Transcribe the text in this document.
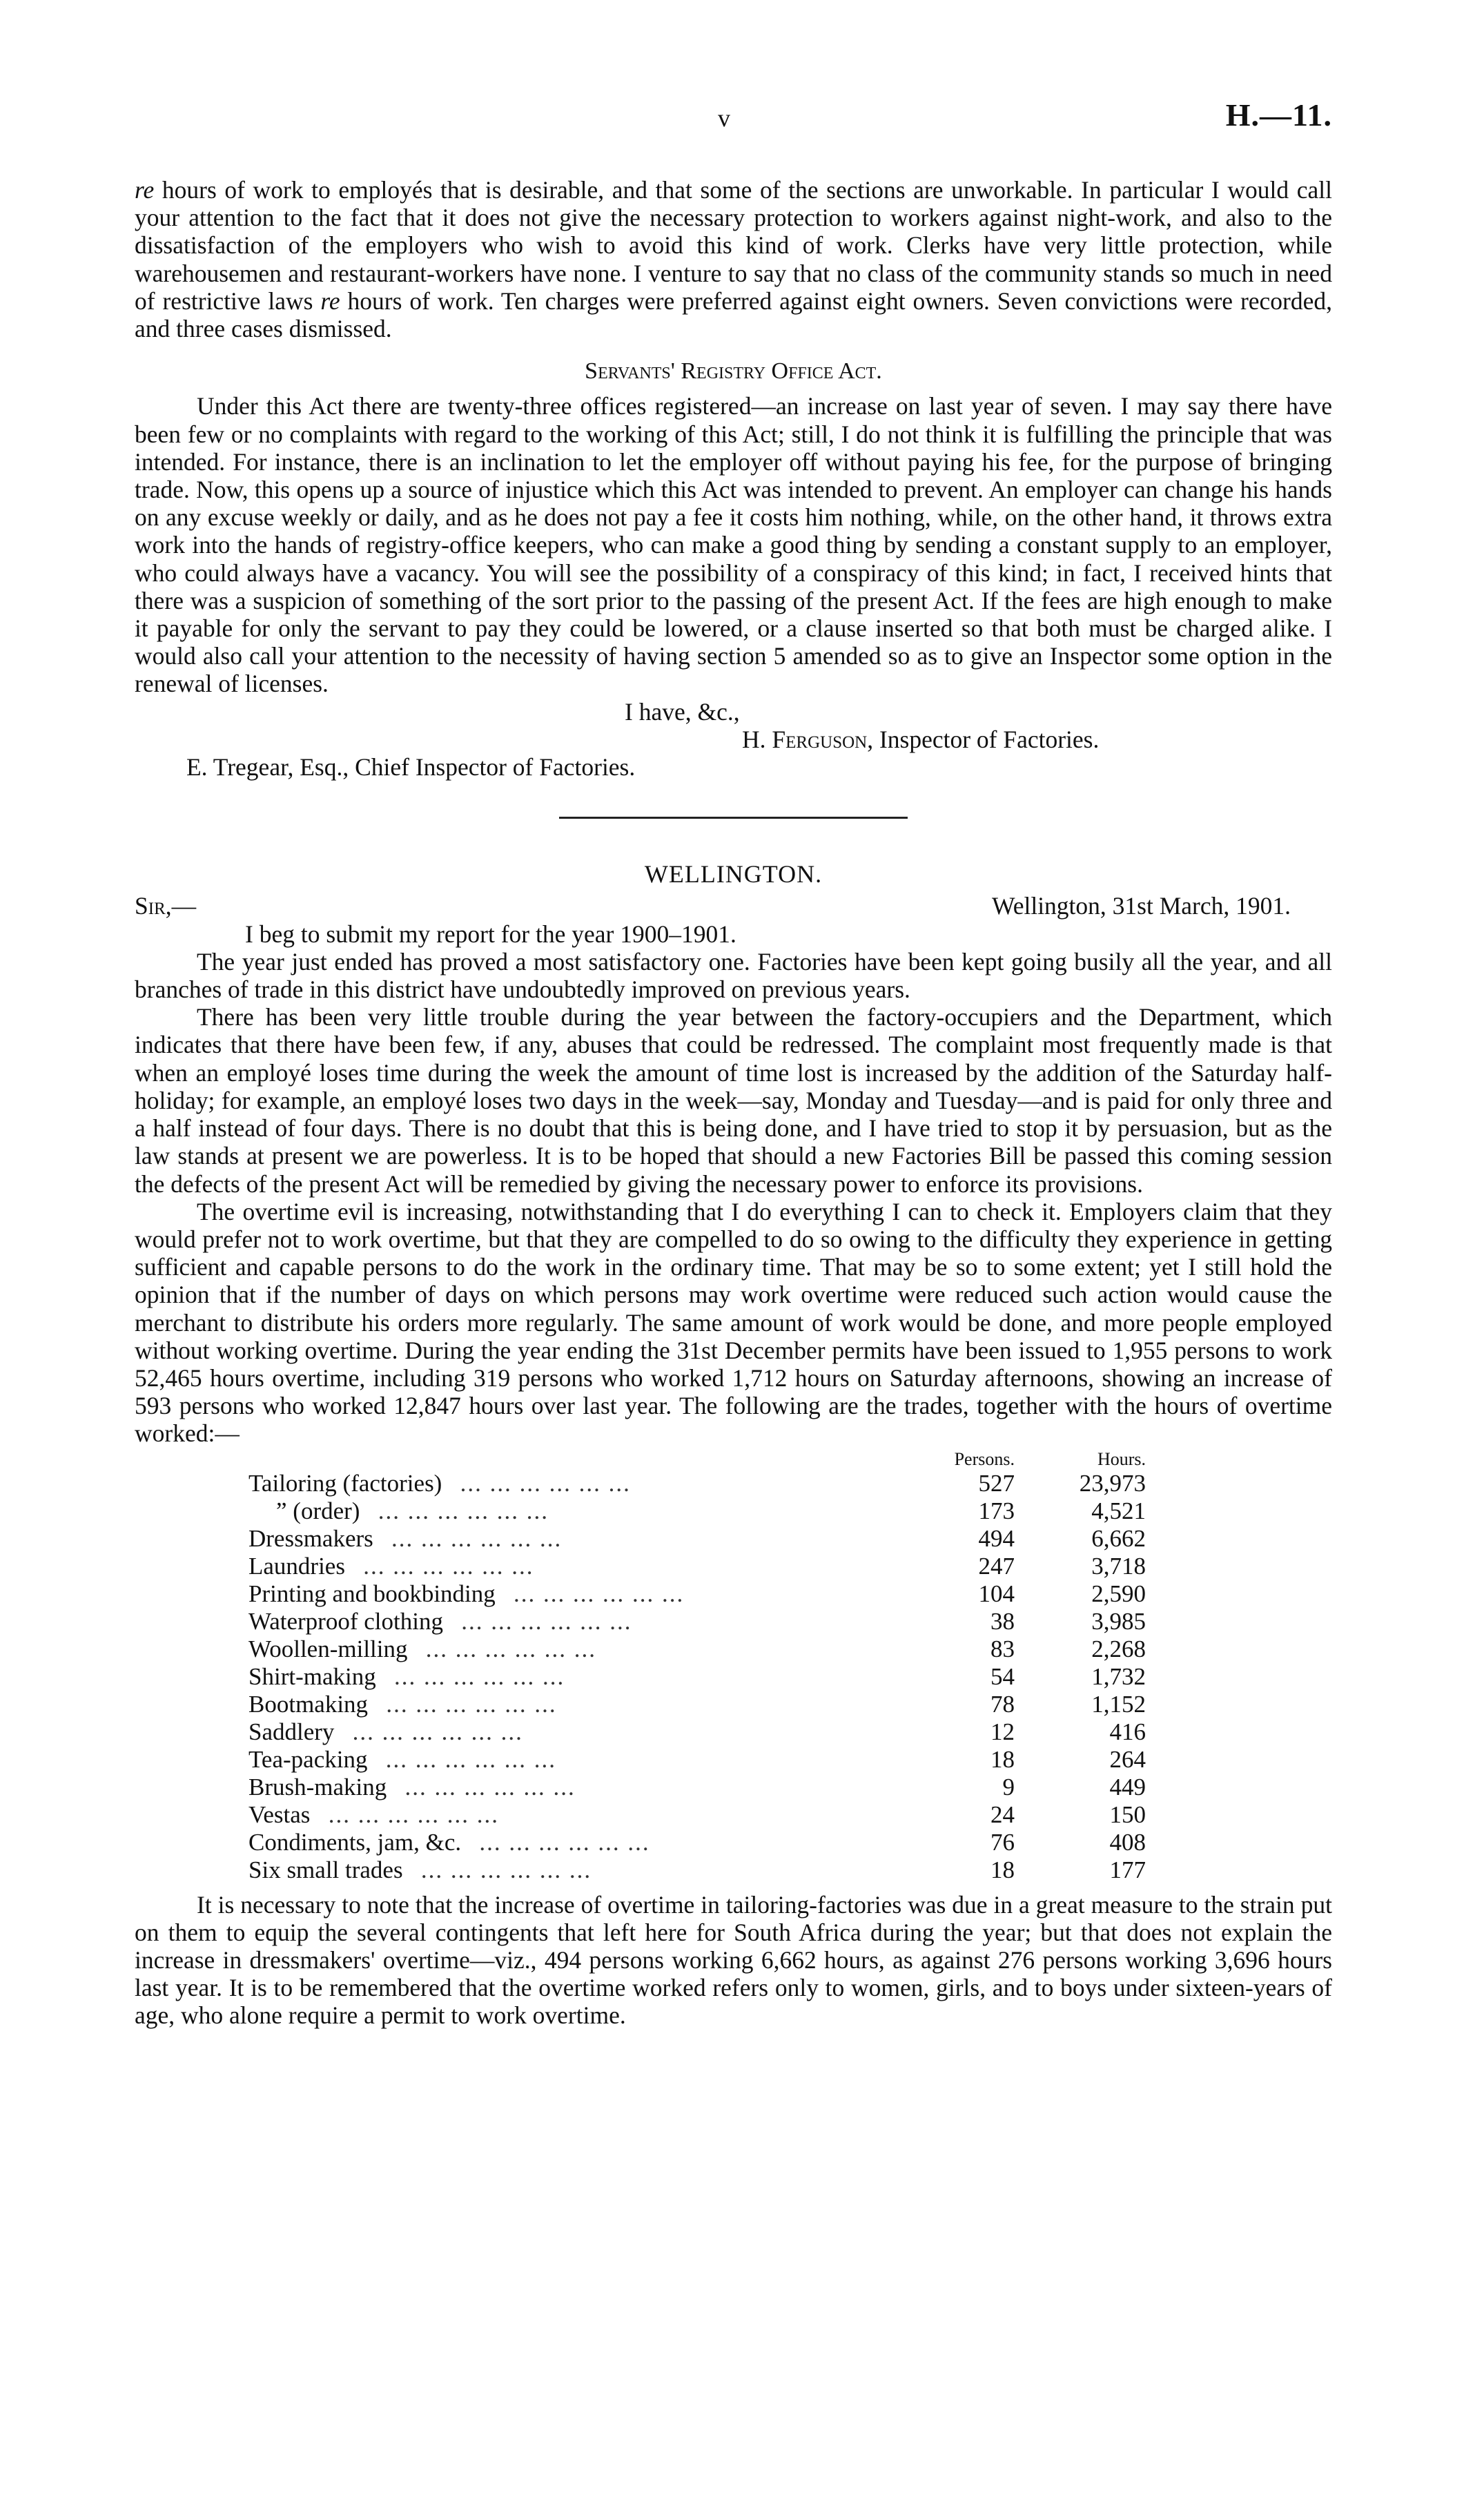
v	H.—11.

re hours of work to employés that is desirable, and that some of the sections are unworkable. In particular I would call your attention to the fact that it does not give the necessary protection to workers against night-work, and also to the dissatisfaction of the employers who wish to avoid this kind of work. Clerks have very little protection, while warehousemen and restaurant-workers have none. I venture to say that no class of the community stands so much in need of restrictive laws re hours of work. Ten charges were preferred against eight owners. Seven convictions were recorded, and three cases dismissed.

Servants' Registry Office Act.

Under this Act there are twenty-three offices registered—an increase on last year of seven. I may say there have been few or no complaints with regard to the working of this Act; still, I do not think it is fulfilling the principle that was intended. For instance, there is an inclination to let the employer off without paying his fee, for the purpose of bringing trade. Now, this opens up a source of injustice which this Act was intended to prevent. An employer can change his hands on any excuse weekly or daily, and as he does not pay a fee it costs him nothing, while, on the other hand, it throws extra work into the hands of registry-office keepers, who can make a good thing by sending a constant supply to an employer, who could always have a vacancy. You will see the possibility of a conspiracy of this kind; in fact, I received hints that there was a suspicion of something of the sort prior to the passing of the present Act. If the fees are high enough to make it payable for only the servant to pay they could be lowered, or a clause inserted so that both must be charged alike. I would also call your attention to the necessity of having section 5 amended so as to give an Inspector some option in the renewal of licenses.

I have, &c.,
H. Ferguson, Inspector of Factories.
E. Tregear, Esq., Chief Inspector of Factories.
WELLINGTON.
Sir,—	Wellington, 31st March, 1901.
I beg to submit my report for the year 1900–1901.

The year just ended has proved a most satisfactory one. Factories have been kept going busily all the year, and all branches of trade in this district have undoubtedly improved on previous years.

There has been very little trouble during the year between the factory-occupiers and the Department, which indicates that there have been few, if any, abuses that could be redressed. The complaint most frequently made is that when an employé loses time during the week the amount of time lost is increased by the addition of the Saturday half-holiday; for example, an employé loses two days in the week—say, Monday and Tuesday—and is paid for only three and a half instead of four days. There is no doubt that this is being done, and I have tried to stop it by persuasion, but as the law stands at present we are powerless. It is to be hoped that should a new Factories Bill be passed this coming session the defects of the present Act will be remedied by giving the necessary power to enforce its provisions.

The overtime evil is increasing, notwithstanding that I do everything I can to check it. Employers claim that they would prefer not to work overtime, but that they are compelled to do so owing to the difficulty they experience in getting sufficient and capable persons to do the work in the ordinary time. That may be so to some extent; yet I still hold the opinion that if the number of days on which persons may work overtime were reduced such action would cause the merchant to distribute his orders more regularly. The same amount of work would be done, and more people employed without working overtime. During the year ending the 31st December permits have been issued to 1,955 persons to work 52,465 hours overtime, including 319 persons who worked 1,712 hours on Saturday afternoons, showing an increase of 593 persons who worked 12,847 hours over last year. The following are the trades, together with the hours of overtime worked:—

	Persons.	Hours.
Tailoring (factories) ... ... ... ... ... ...	527	23,973
” (order) ... ... ... ... ... ...	173	4,521
Dressmakers ... ... ... ... ... ...	494	6,662
Laundries ... ... ... ... ... ...	247	3,718
Printing and bookbinding ... ... ... ... ... ...	104	2,590
Waterproof clothing ... ... ... ... ... ...	38	3,985
Woollen-milling ... ... ... ... ... ...	83	2,268
Shirt-making ... ... ... ... ... ...	54	1,732
Bootmaking ... ... ... ... ... ...	78	1,152
Saddlery ... ... ... ... ... ...	12	416
Tea-packing ... ... ... ... ... ...	18	264
Brush-making ... ... ... ... ... ...	9	449
Vestas ... ... ... ... ... ...	24	150
Condiments, jam, &c. ... ... ... ... ... ...	76	408
Six small trades ... ... ... ... ... ...	18	177

It is necessary to note that the increase of overtime in tailoring-factories was due in a great measure to the strain put on them to equip the several contingents that left here for South Africa during the year; but that does not explain the increase in dressmakers' overtime—viz., 494 persons working 6,662 hours, as against 276 persons working 3,696 hours last year. It is to be remembered that the overtime worked refers only to women, girls, and to boys under sixteen-years of age, who alone require a permit to work overtime.
